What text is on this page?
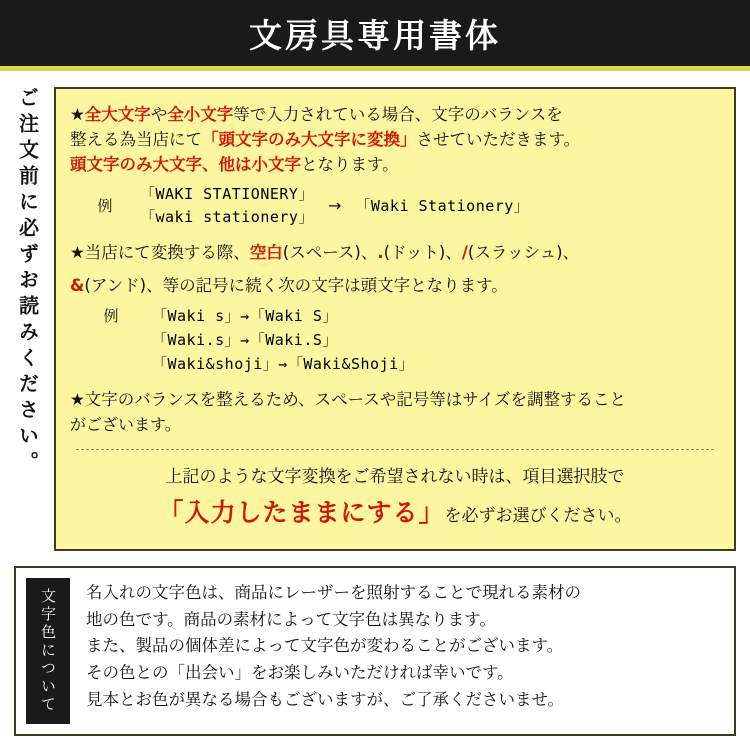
文房具専用書体
ご注文前に必ずお読みください。 ★全大文字や全小文字等で入力されている場合、文字のバランスを
整える為当店にて「頭文字のみ大文字に変換」させていただきます。
頭文字のみ大文字、他は小文字となります。
例
「WAKI STATIONERY」
「waki stationery」
→ 「Waki Stationery」
★当店にて変換する際、空白(スペース)、.(ドット)、/(スラッシュ)、
&(アンド)、等の記号に続く次の文字は頭文字となります。
例	「Waki s」→「Waki S」
「Waki.s」→「Waki.S」
「Waki&shoji」→「Waki&Shoji」
★文字のバランスを整えるため、スペースや記号等はサイズを調整すること
がございます。
上記のような文字変換をご希望されない時は、項目選択肢で
「入力したままにする」を必ずお選びください。
文字色について 名入れの文字色は、商品にレーザーを照射することで現れる素材の
地の色です。商品の素材によって文字色は異なります。
また、製品の個体差によって文字色が変わることがございます。
その色との「出会い」をお楽しみいただければ幸いです。
見本とお色が異なる場合もございますが、ご了承くださいませ。
